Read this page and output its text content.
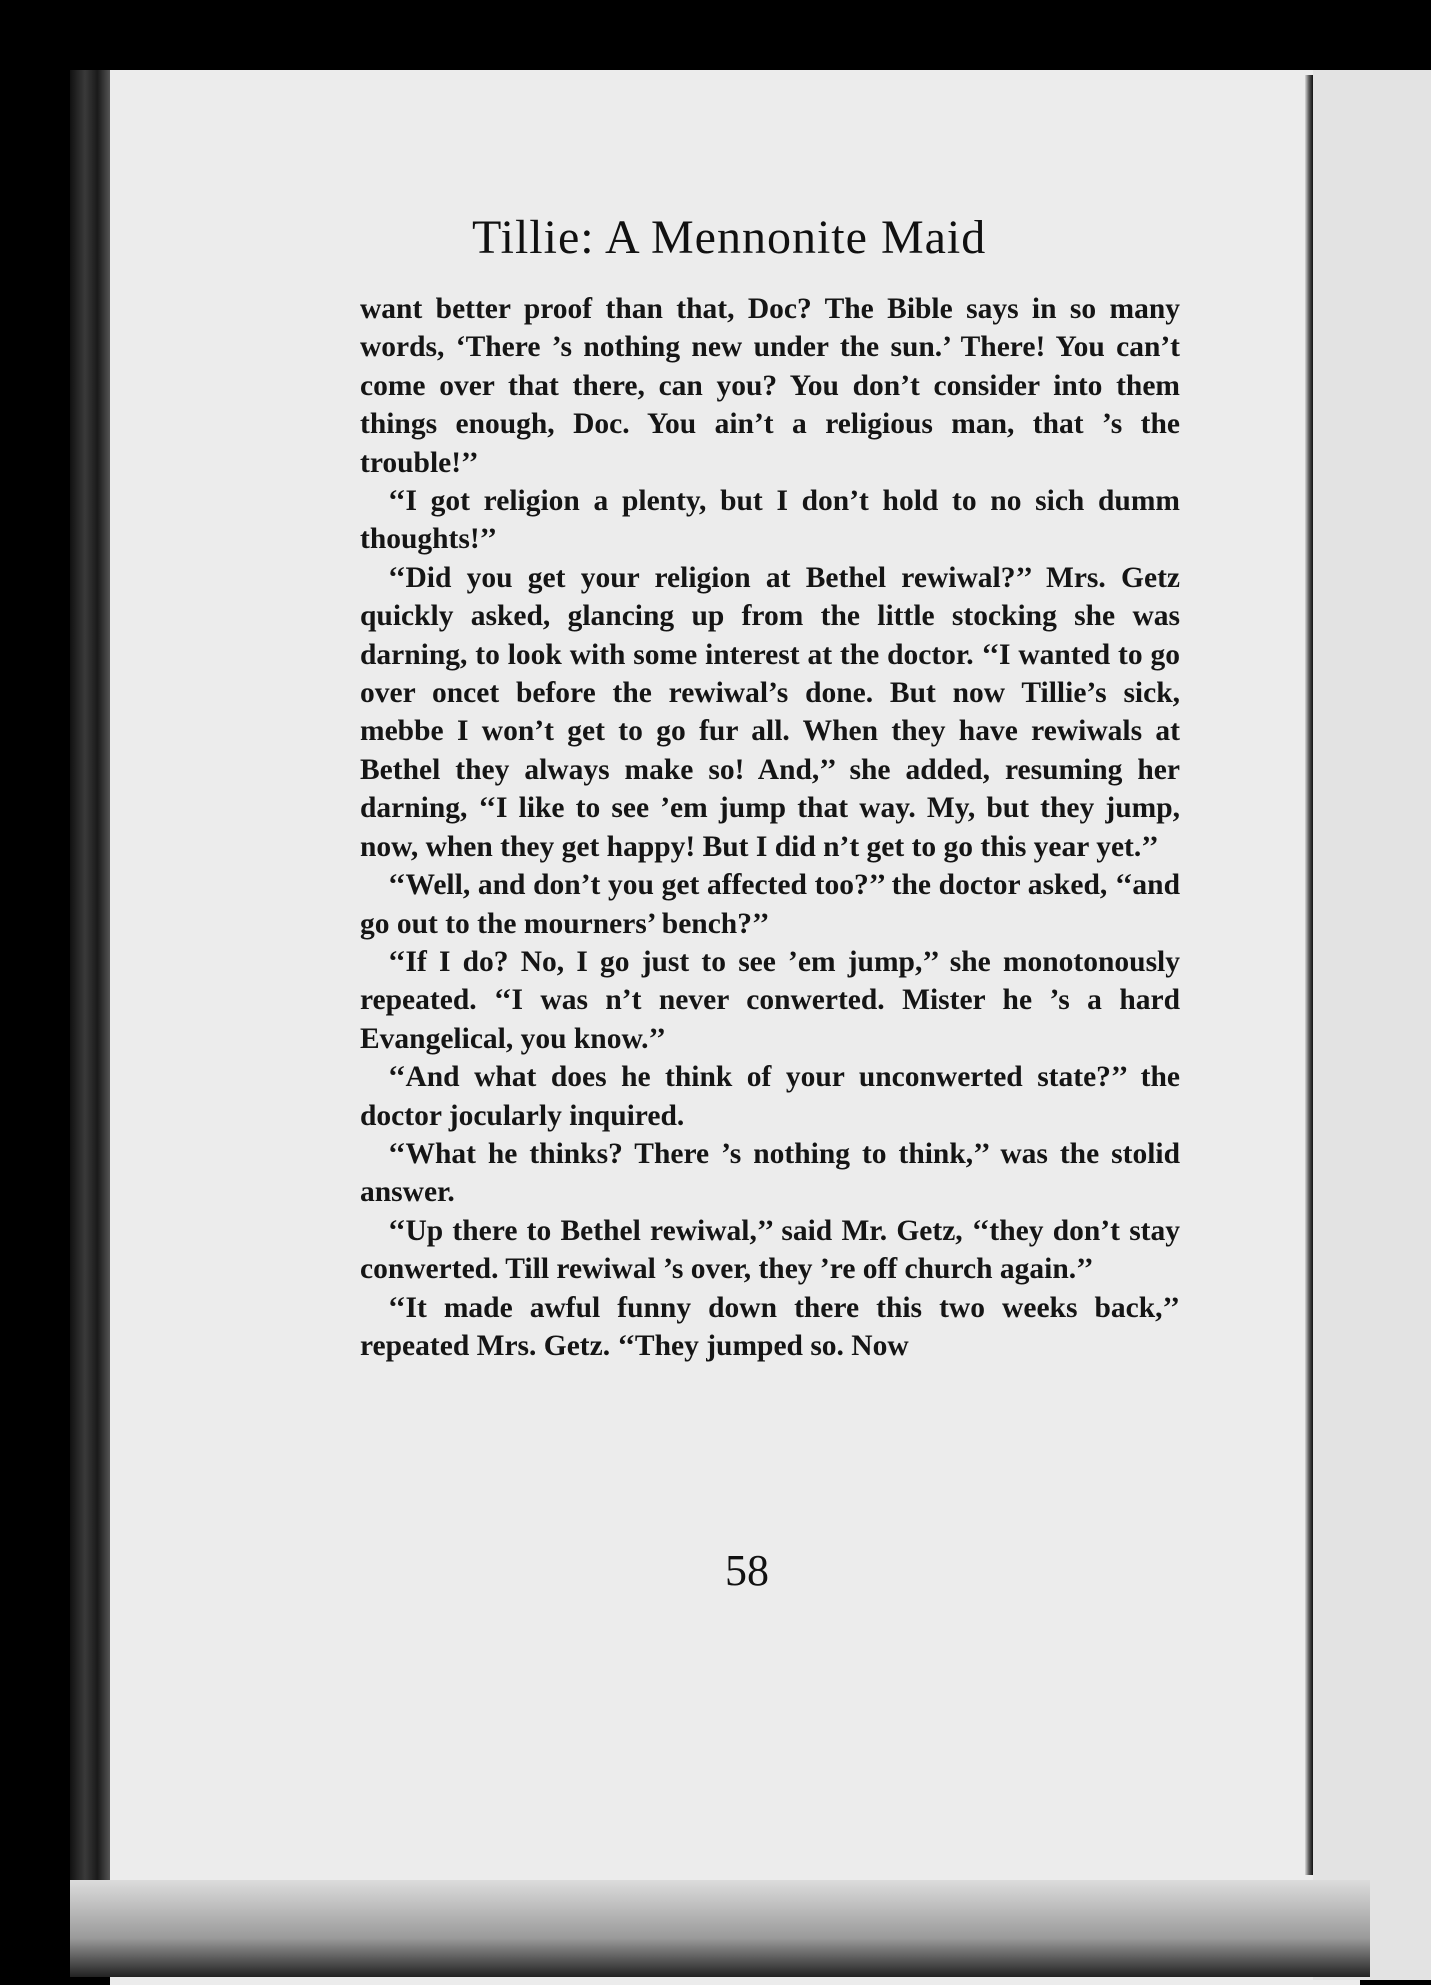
Tillie: A Mennonite Maid

want better proof than that, Doc? The Bible says in so many words, ‘There ’s nothing new under the sun.’ There! You can’t come over that there, can you? You don’t consider into them things enough, Doc. You ain’t a religious man, that ’s the trouble!’’

‘‘I got religion a plenty, but I don’t hold to no sich dumm thoughts!’’

‘‘Did you get your religion at Bethel rewiwal?’’ Mrs. Getz quickly asked, glancing up from the little stocking she was darning, to look with some interest at the doctor. ‘‘I wanted to go over oncet before the rewiwal’s done. But now Tillie’s sick, mebbe I won’t get to go fur all. When they have rewiwals at Bethel they always make so! And,’’ she added, resuming her darning, ‘‘I like to see ’em jump that way. My, but they jump, now, when they get happy! But I did n’t get to go this year yet.’’

‘‘Well, and don’t you get affected too?’’ the doctor asked, ‘‘and go out to the mourners’ bench?’’

‘‘If I do? No, I go just to see ’em jump,’’ she monotonously repeated. ‘‘I was n’t never conwerted. Mister he ’s a hard Evangelical, you know.’’

‘‘And what does he think of your unconwerted state?’’ the doctor jocularly inquired.

‘‘What he thinks? There ’s nothing to think,’’ was the stolid answer.

‘‘Up there to Bethel rewiwal,’’ said Mr. Getz, ‘‘they don’t stay conwerted. Till rewiwal ’s over, they ’re off church again.’’

‘‘It made awful funny down there this two weeks back,’’ repeated Mrs. Getz. ‘‘They jumped so. Now

58
